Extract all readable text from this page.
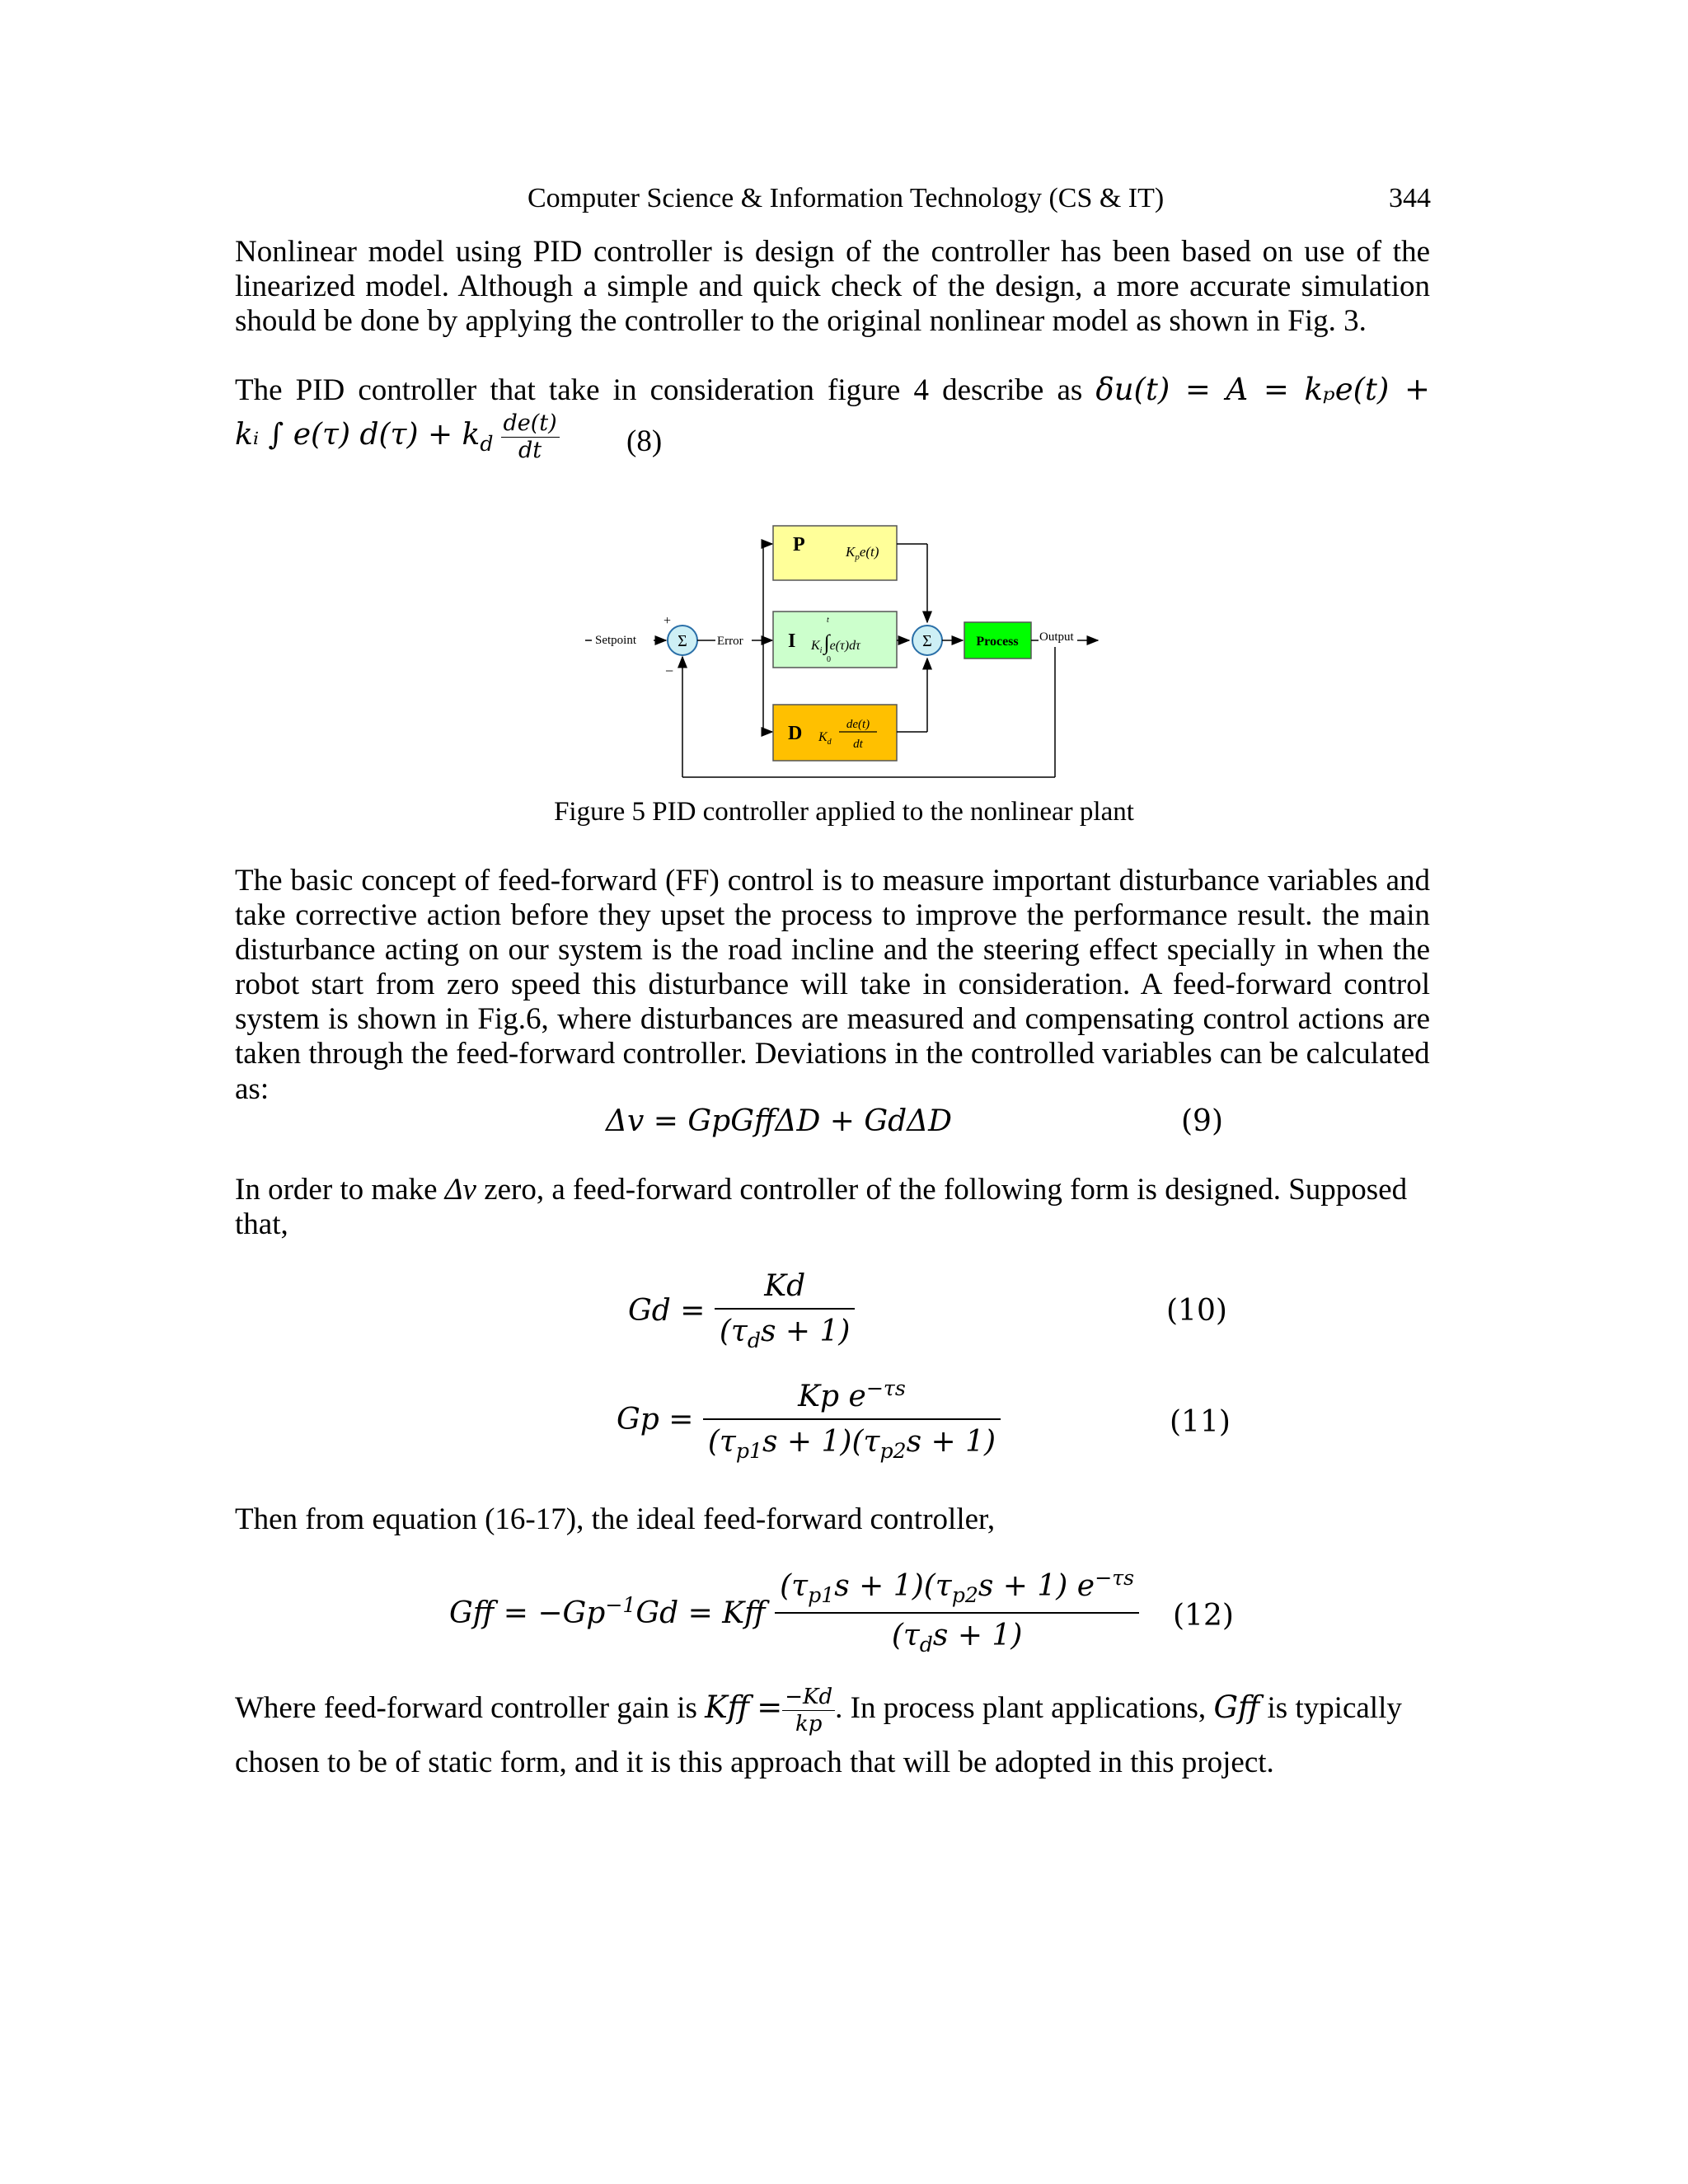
Computer Science & Information Technology (CS & IT)	344
Nonlinear model using PID controller is design of the controller has been based on use of the linearized model. Although a simple and quick check of the design, a more accurate simulation should be done by applying the controller to the original nonlinear model as shown in Fig. 3.
The PID controller that take in consideration figure 4 describe as δu(t) = A = kₚe(t) +
kᵢ ∫ e(τ) $d(\tau) + k_d \frac{de(t)}{dt} (8)$
Setpoint	Σ
+
−
Error
P	$K_pe(t)$
I $K_i\int e(\tau)d\tau$
t
0
D $K_d$
de(t)
dt
Σ	Process Output
Figure 5 PID controller applied to the nonlinear plant
The basic concept of feed-forward (FF) control is to measure important disturbance variables and take corrective action before they upset the process to improve the performance result. the main disturbance acting on our system is the road incline and the steering effect specially in when the robot start from zero speed this disturbance will take in consideration. A feed-forward control system is shown in Fig.6, where disturbances are measured and compensating control actions are taken through the feed-forward controller. Deviations in the controlled variables can be calculated
as:
Δv = GpGffΔD + GdΔD	(9)
In order to make Δv zero, a feed-forward controller of the following form is designed. Supposed
that,
$Gd = \frac{Kd}{(\tau_ds + 1)}$	(10)
$Gp = \frac{Kp e^{-\tau s}}{(\tau_{p1}s + 1)(\tau_{p2}s + 1)}$	(11)
Then from equation (16-17), the ideal feed-forward controller,
Gff = $-Gp^{-1}Gd$ = Kff $\frac{(\tau_{p1}s + 1)(\tau_{p2}s + 1) e^{-\tau s}}{(\tau_ds + 1)} (12)$
Where feed-forward controller gain is Kff = $\frac{-Kd}{kp}$ . In process plant applications, Gff is typically
chosen to be of static form, and it is this approach that will be adopted in this project.
